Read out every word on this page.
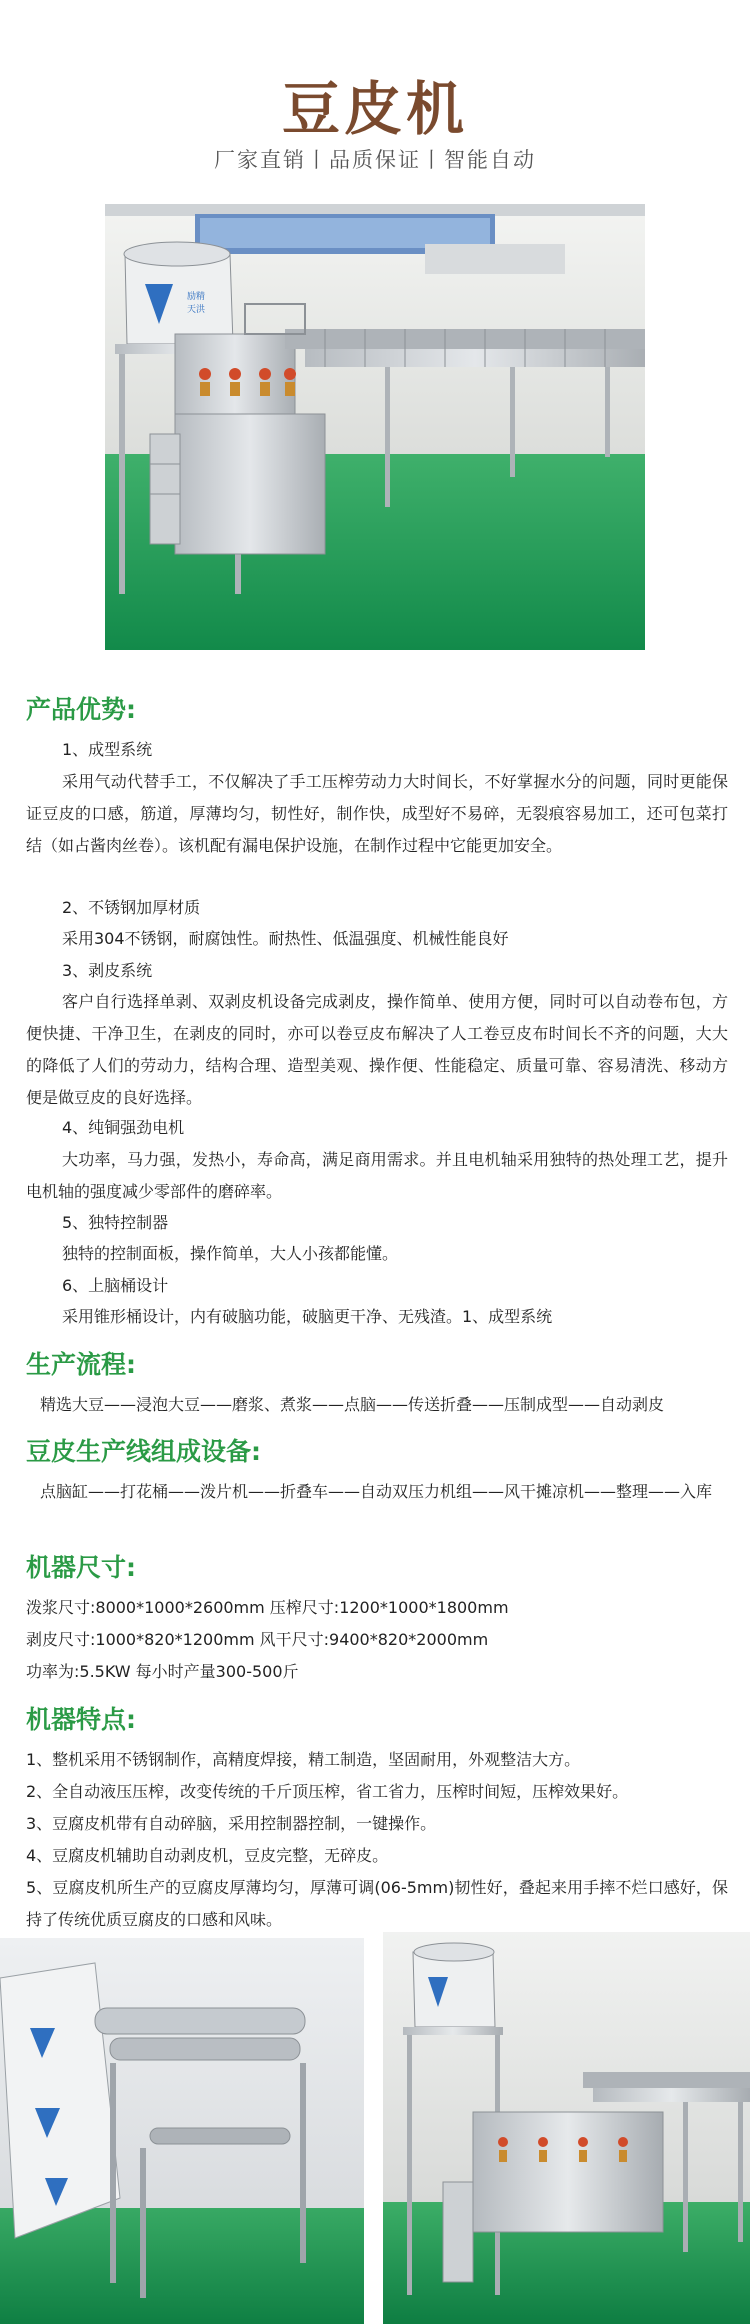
豆皮机
厂家直销丨品质保证丨智能自动
励精
天洪
产品优势:
1、成型系统
采用气动代替手工，不仅解决了手工压榨劳动力大时间长，不好掌握水分的问题，同时更能保证豆皮的口感，筋道，厚薄均匀，韧性好，制作快，成型好不易碎，无裂痕容易加工，还可包菜打结（如占酱肉丝卷）。该机配有漏电保护设施，在制作过程中它能更加安全。
2、不锈钢加厚材质
采用304不锈钢，耐腐蚀性。耐热性、低温强度、机械性能良好
3、剥皮系统
客户自行选择单剥、双剥皮机设备完成剥皮，操作简单、使用方便，同时可以自动卷布包，方便快捷、干净卫生，在剥皮的同时，亦可以卷豆皮布解决了人工卷豆皮布时间长不齐的问题，大大的降低了人们的劳动力，结构合理、造型美观、操作便、性能稳定、质量可靠、容易清洗、移动方便是做豆皮的良好选择。
4、纯铜强劲电机
大功率，马力强，发热小，寿命高，满足商用需求。并且电机轴采用独特的热处理工艺，提升电机轴的强度减少零部件的磨碎率。
5、独特控制器
独特的控制面板，操作简单，大人小孩都能懂。
6、上脑桶设计
采用锥形桶设计，内有破脑功能，破脑更干净、无残渣。1、成型系统
生产流程:
精选大豆——浸泡大豆——磨浆、煮浆——点脑——传送折叠——压制成型——自动剥皮
豆皮生产线组成设备:
点脑缸——打花桶——泼片机——折叠车——自动双压力机组——风干摊凉机——整理——入库
机器尺寸:
泼浆尺寸:8000*1000*2600mm 压榨尺寸:1200*1000*1800mm
剥皮尺寸:1000*820*1200mm 风干尺寸:9400*820*2000mm
功率为:5.5KW 每小时产量300-500斤
机器特点:
1、整机采用不锈钢制作，高精度焊接，精工制造，坚固耐用，外观整洁大方。
2、全自动液压压榨，改变传统的千斤顶压榨，省工省力，压榨时间短，压榨效果好。
3、豆腐皮机带有自动碎脑，采用控制器控制，一键操作。
4、豆腐皮机辅助自动剥皮机，豆皮完整，无碎皮。
5、豆腐皮机所生产的豆腐皮厚薄均匀，厚薄可调(06-5mm)韧性好，叠起来用手摔不烂口感好，保持了传统优质豆腐皮的口感和风味。
